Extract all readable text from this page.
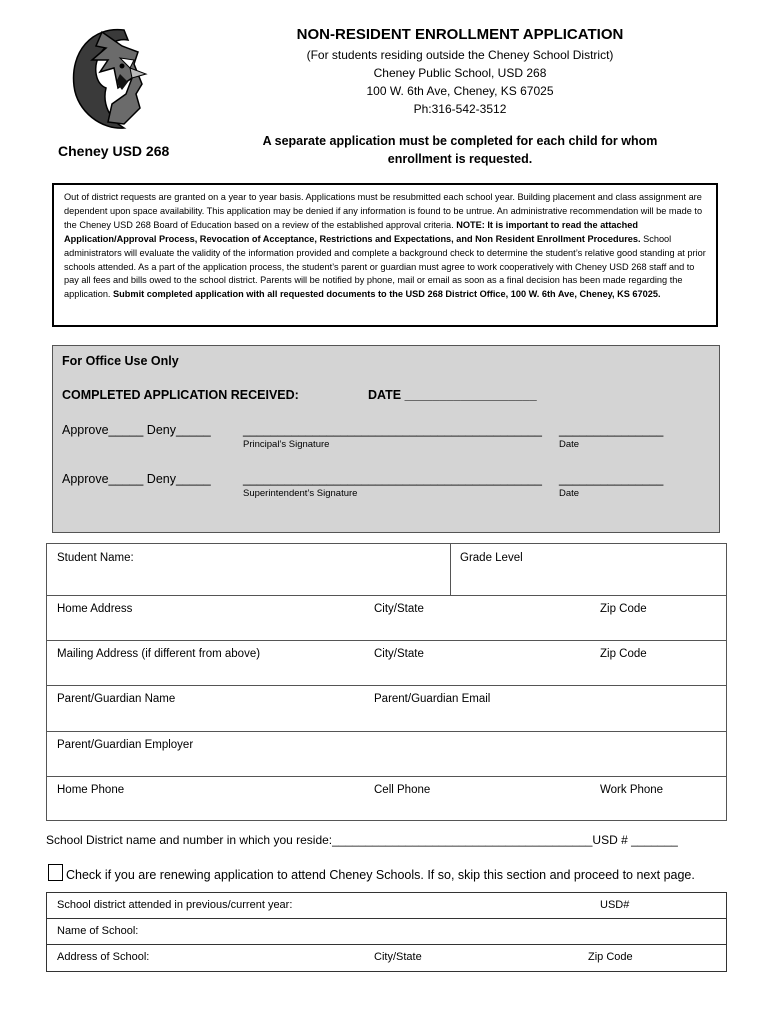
Cheney USD 268
NON-RESIDENT ENROLLMENT APPLICATION
(For students residing outside the Cheney School District)
Cheney Public School, USD 268
100 W. 6th Ave, Cheney, KS 67025
Ph:316-542-3512
A separate application must be completed for each child for whom enrollment is requested.
Out of district requests are granted on a year to year basis. Applications must be resubmitted each school year. Building placement and class assignment are dependent upon space availability. This application may be denied if any information is found to be untrue. An administrative recommendation will be made to the Cheney USD 268 Board of Education based on a review of the established approval criteria. NOTE: It is important to read the attached Application/Approval Process, Revocation of Acceptance, Restrictions and Expectations, and Non Resident Enrollment Procedures. School administrators will evaluate the validity of the information provided and complete a background check to determine the student’s relative good standing at prior schools attended. As a part of the application process, the student’s parent or guardian must agree to work cooperatively with Cheney USD 268 staff and to pay all fees and bills owed to the school district. Parents will be notified by phone, mail or email as soon as a final decision has been made regarding the application. Submit completed application with all requested documents to the USD 268 District Office, 100 W. 6th Ave, Cheney, KS 67025.
For Office Use Only
COMPLETED APPLICATION RECEIVED:	DATE ___________________
Approve_____ Deny_____	___________________________________________ _______________
Principal’s Signature	Date
Approve_____ Deny_____	___________________________________________ _______________
Superintendent’s Signature	Date
Student Name:	Grade Level
Home Address	City/State	Zip Code
Mailing Address (if different from above)	City/State	Zip Code
Parent/Guardian Name	Parent/Guardian Email
Parent/Guardian Employer
Home Phone	Cell Phone	Work Phone
School District name and number in which you reside:_______________________________________USD # _______
Check if you are renewing application to attend Cheney Schools. If so, skip this section and proceed to next page.
School district attended in previous/current year:	USD#
Name of School:
Address of School:	City/State	Zip Code
